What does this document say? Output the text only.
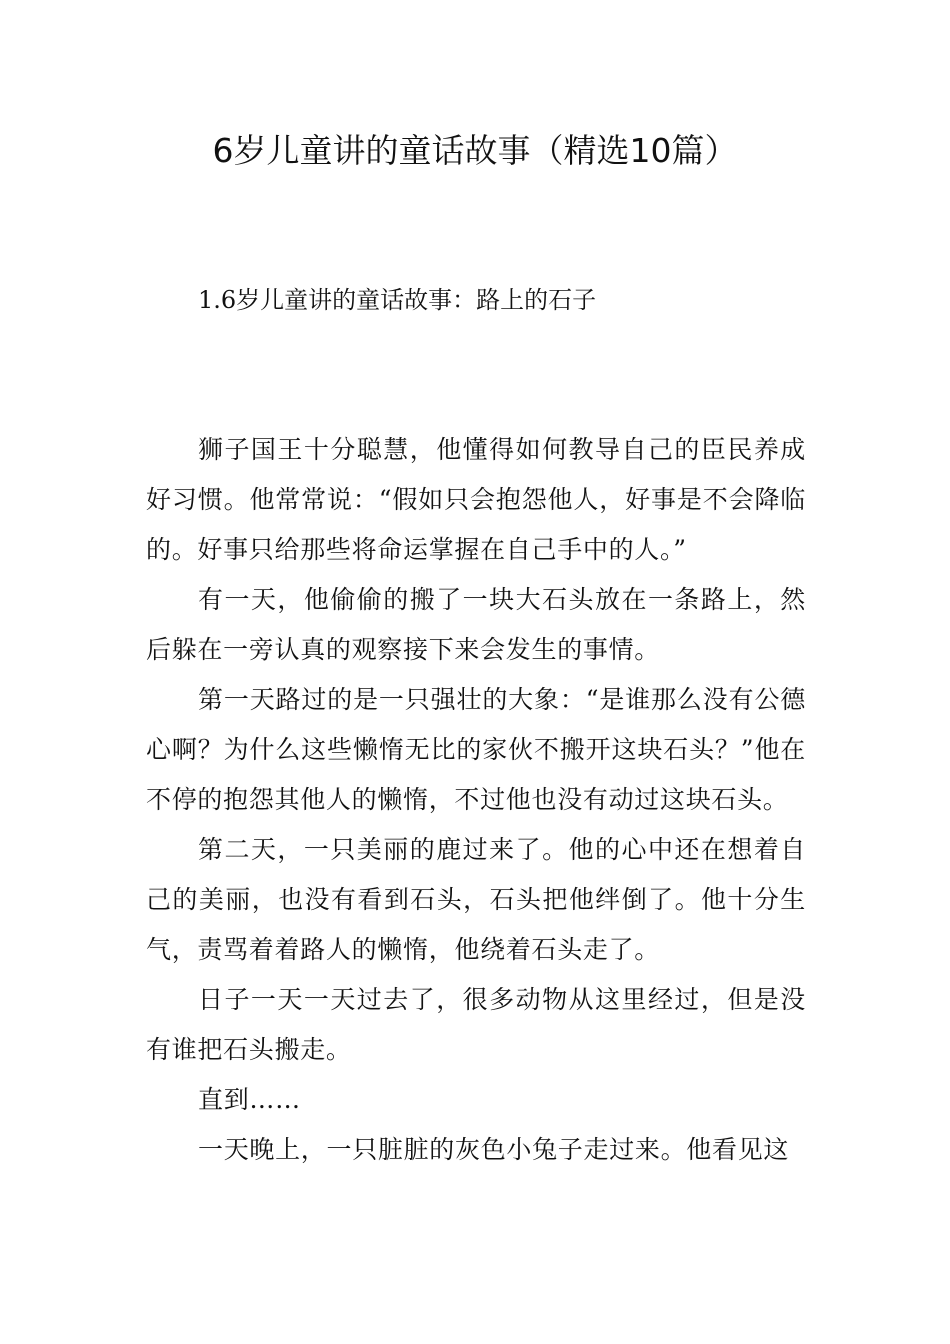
6岁儿童讲的童话故事（精选10篇）
1.6岁儿童讲的童话故事：路上的石子

狮子国王十分聪慧，他懂得如何教导自己的臣民养成好习惯。他常常说：“假如只会抱怨他人，好事是不会降临的。好事只给那些将命运掌握在自己手中的人。”

有一天，他偷偷的搬了一块大石头放在一条路上，然后躲在一旁认真的观察接下来会发生的事情。

第一天路过的是一只强壮的大象：“是谁那么没有公德心啊？为什么这些懒惰无比的家伙不搬开这块石头？”他在不停的抱怨其他人的懒惰，不过他也没有动过这块石头。

第二天，一只美丽的鹿过来了。他的心中还在想着自己的美丽，也没有看到石头，石头把他绊倒了。他十分生气，责骂着着路人的懒惰，他绕着石头走了。

日子一天一天过去了，很多动物从这里经过，但是没有谁把石头搬走。

直到……

一天晚上，一只脏脏的灰色小兔子走过来。他看见这
